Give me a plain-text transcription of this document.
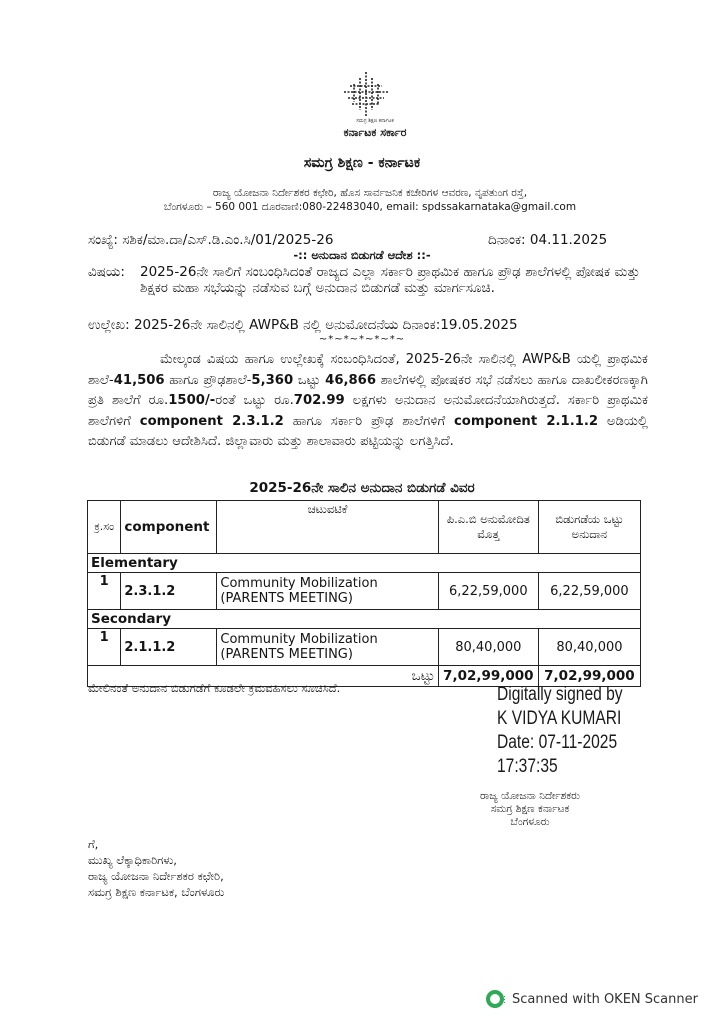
ಸಮಗ್ರ ಶಿಕ್ಷಣ ಕರ್ನಾಟಕ
ಕರ್ನಾಟಕ ಸರ್ಕಾರ
ಸಮಗ್ರ ಶಿಕ್ಷಣ - ಕರ್ನಾಟಕ
ರಾಜ್ಯ ಯೋಜನಾ ನಿರ್ದೇಶಕರ ಕಛೇರಿ, ಹೊಸ ಸಾರ್ವಜನಿಕ ಕಚೇರಿಗಳ ಆವರಣ, ನೃಪತುಂಗ ರಸ್ತೆ,
ಬೆಂಗಳೂರು – 560 001 ದೂರವಾಣಿ:080-22483040, email: spdssakarnataka@gmail.com
ಸಂಖ್ಯೆ: ಸಶಿಕ/ಮಾ.ದಾ/ಎಸ್.ಡಿ.ಎಂ.ಸಿ/01/2025-26	ದಿನಾಂಕ: 04.11.2025
-:: ಅನುದಾನ ಬಿಡುಗಡೆ ಆದೇಶ ::-
ವಿಷಯ: 2025-26ನೇ ಸಾಲಿಗೆ ಸಂಬಂಧಿಸಿದಂತೆ ರಾಜ್ಯದ ಎಲ್ಲಾ ಸರ್ಕಾರಿ ಪ್ರಾಥಮಿಕ ಹಾಗೂ ಪ್ರೌಢ ಶಾಲೆಗಳಲ್ಲಿ ಪೋಷಕ ಮತ್ತು ಶಿಕ್ಷಕರ ಮಹಾ ಸಭೆಯನ್ನು ನಡೆಸುವ ಬಗ್ಗೆ ಅನುದಾನ ಬಿಡುಗಡೆ ಮತ್ತು ಮಾರ್ಗಸೂಚಿ.
ಉಲ್ಲೇಖ: 2025-26ನೇ ಸಾಲಿನಲ್ಲಿ AWP&B ನಲ್ಲಿ ಅನುಮೋದನೆಯ ದಿನಾಂಕ:19.05.2025
~*~*~*~*~*~
ಮೇಲ್ಕಂಡ ವಿಷಯ ಹಾಗೂ ಉಲ್ಲೇಖಕ್ಕೆ ಸಂಬಂಧಿಸಿದಂತೆ, 2025-26ನೇ ಸಾಲಿನಲ್ಲಿ AWP&B ಯಲ್ಲಿ ಪ್ರಾಥಮಿಕ ಶಾಲೆ-41,506 ಹಾಗೂ ಪ್ರೌಢಶಾಲೆ-5,360 ಒಟ್ಟು 46,866 ಶಾಲೆಗಳಲ್ಲಿ ಪೋಷಕರ ಸಭೆ ನಡೆಸಲು ಹಾಗೂ ದಾಖಲೀಕರಣಕ್ಕಾಗಿ ಪ್ರತಿ ಶಾಲೆಗೆ ರೂ.1500/-ರಂತೆ ಒಟ್ಟು ರೂ.702.99 ಲಕ್ಷಗಳು ಅನುದಾನ ಅನುಮೋದನೆಯಾಗಿರುತ್ತದೆ. ಸರ್ಕಾರಿ ಪ್ರಾಥಮಿಕ ಶಾಲೆಗಳಿಗೆ component 2.3.1.2 ಹಾಗೂ ಸರ್ಕಾರಿ ಪ್ರೌಢ ಶಾಲೆಗಳಿಗೆ component 2.1.1.2 ಅಡಿಯಲ್ಲಿ ಬಿಡುಗಡೆ ಮಾಡಲು ಆದೇಶಿಸಿದೆ. ಜಿಲ್ಲಾವಾರು ಮತ್ತು ಶಾಲಾವಾರು ಪಟ್ಟಿಯನ್ನು ಲಗತ್ತಿಸಿದೆ.
2025-26ನೇ ಸಾಲಿನ ಅನುದಾನ ಬಿಡುಗಡೆ ವಿವರ
ಕ್ರ.ಸಂ	component	ಚಟುವಟಿಕೆ	ಪಿ.ಎ.ಬಿ ಅನುಮೋದಿತ ಮೊತ್ತ	ಬಿಡುಗಡೆಯ ಒಟ್ಟು ಅನುದಾನ
Elementary				
1	2.3.1.2	Community Mobilization
(PARENTS MEETING)	6,22,59,000	6,22,59,000
Secondary				
1	2.1.1.2	Community Mobilization
(PARENTS MEETING)	80,40,000	80,40,000
ಒಟ್ಟು			7,02,99,000	7,02,99,000
ಮೇಲಿನಂತೆ ಅನುದಾನ ಬಿಡುಗಡೆಗೆ ಕೂಡಲೇ ಕ್ರಮವಹಿಸಲು ಸೂಚಿಸಿದೆ.	Digitally signed by
K VIDYA KUMARI
Date: 07-11-2025
17:37:35
ರಾಜ್ಯ ಯೋಜನಾ ನಿರ್ದೇಶಕರು
ಸಮಗ್ರ ಶಿಕ್ಷಣ ಕರ್ನಾಟಕ
ಬೆಂಗಳೂರು
ಗೆ,
ಮುಖ್ಯ ಲೆಕ್ಕಾಧಿಕಾರಿಗಳು,
ರಾಜ್ಯ ಯೋಜನಾ ನಿರ್ದೇಶಕರ ಕಛೇರಿ,
ಸಮಗ್ರ ಶಿಕ್ಷಣ ಕರ್ನಾಟಕ, ಬೆಂಗಳೂರು
Scanned with OKEN Scanner
